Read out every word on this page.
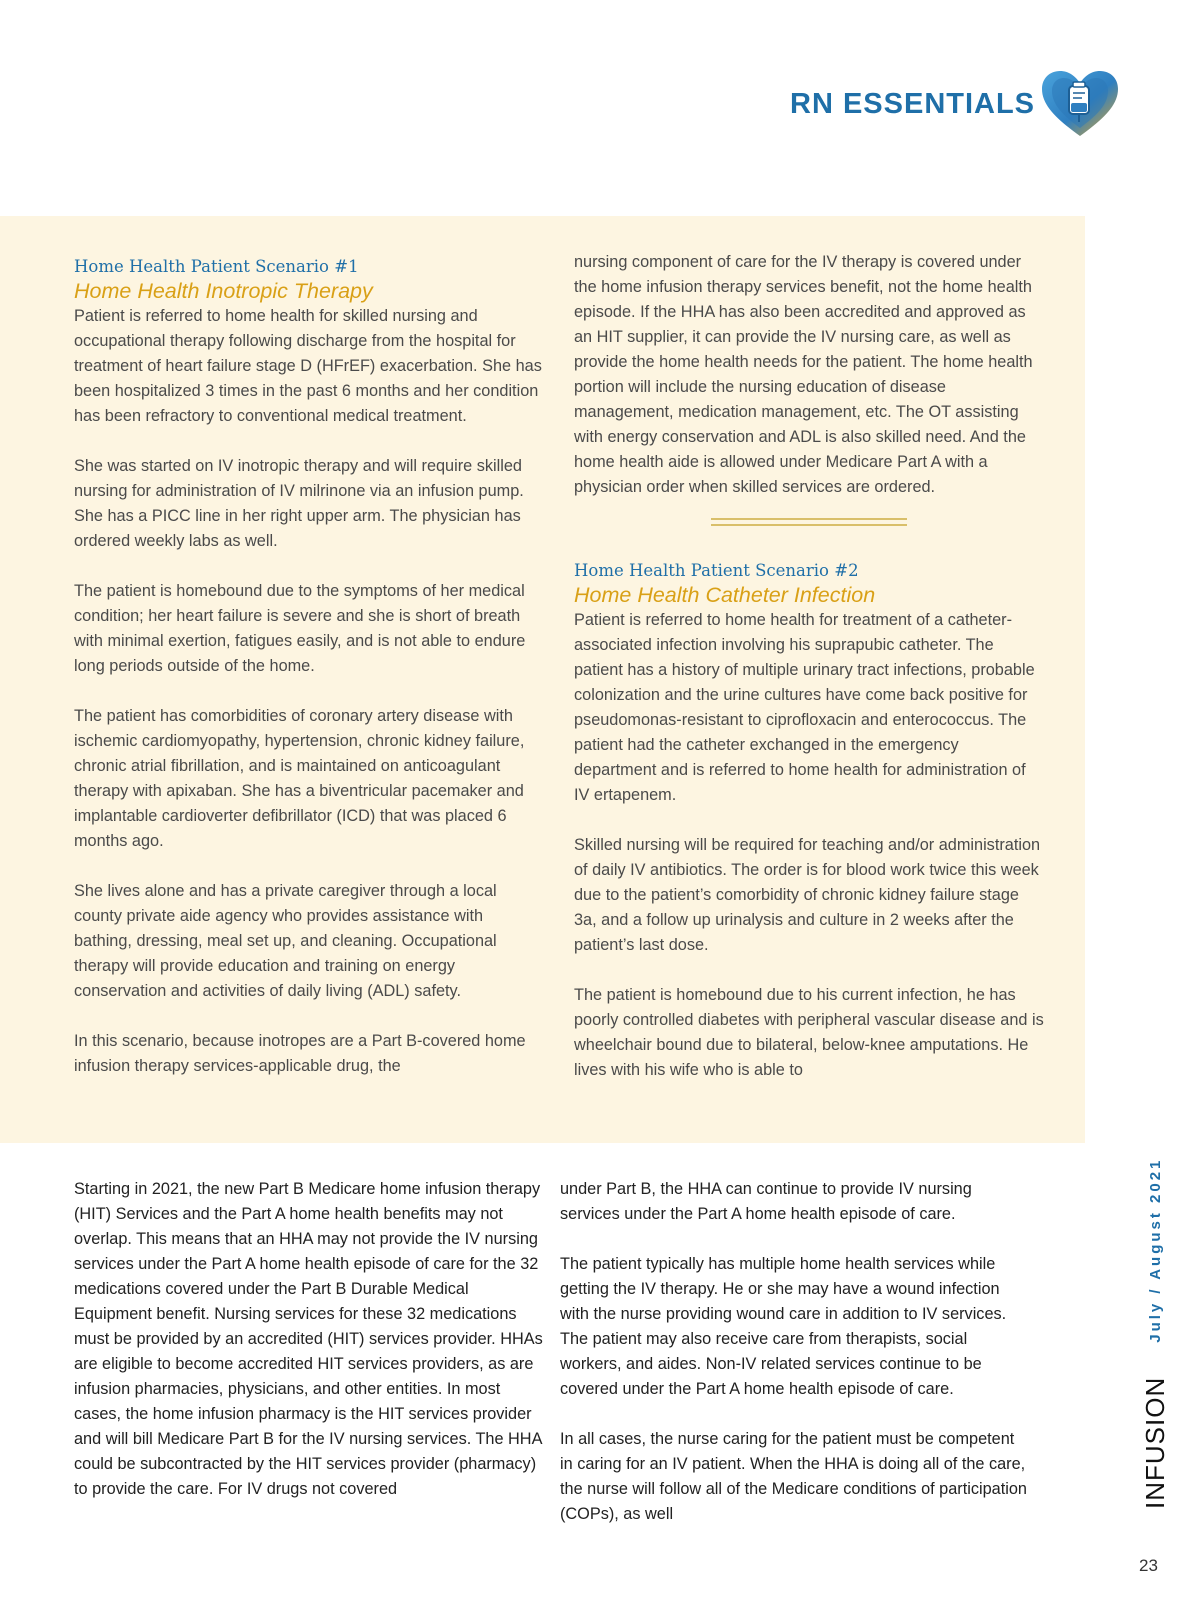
RN ESSENTIALS
Home Health Patient Scenario #1
Home Health Inotropic Therapy

Patient is referred to home health for skilled nursing and occupational therapy following discharge from the hospital for treatment of heart failure stage D (HFrEF) exacerbation. She has been hospitalized 3 times in the past 6 months and her condition has been refractory to conventional medical treatment.

She was started on IV inotropic therapy and will require skilled nursing for administration of IV milrinone via an infusion pump. She has a PICC line in her right upper arm. The physician has ordered weekly labs as well.

The patient is homebound due to the symptoms of her medical condition; her heart failure is severe and she is short of breath with minimal exertion, fatigues easily, and is not able to endure long periods outside of the home.

The patient has comorbidities of coronary artery disease with ischemic cardiomyopathy, hypertension, chronic kidney failure, chronic atrial fibrillation, and is maintained on anticoagulant therapy with apixaban. She has a biventricular pacemaker and implantable cardioverter defibrillator (ICD) that was placed 6 months ago.

She lives alone and has a private caregiver through a local county private aide agency who provides assistance with bathing, dressing, meal set up, and cleaning. Occupational therapy will provide education and training on energy conservation and activities of daily living (ADL) safety.

In this scenario, because inotropes are a Part B-covered home infusion therapy services-applicable drug, the

nursing component of care for the IV therapy is covered under the home infusion therapy services benefit, not the home health episode. If the HHA has also been accredited and approved as an HIT supplier, it can provide the IV nursing care, as well as provide the home health needs for the patient. The home health portion will include the nursing education of disease management, medication management, etc. The OT assisting with energy conservation and ADL is also skilled need. And the home health aide is allowed under Medicare Part A with a physician order when skilled services are ordered.

Home Health Patient Scenario #2
Home Health Catheter Infection

Patient is referred to home health for treatment of a catheter-associated infection involving his suprapubic catheter. The patient has a history of multiple urinary tract infections, probable colonization and the urine cultures have come back positive for pseudomonas-resistant to ciprofloxacin and enterococcus. The patient had the catheter exchanged in the emergency department and is referred to home health for administration of IV ertapenem.

Skilled nursing will be required for teaching and/or administration of daily IV antibiotics. The order is for blood work twice this week due to the patient’s comorbidity of chronic kidney failure stage 3a, and a follow up urinalysis and culture in 2 weeks after the patient’s last dose.

The patient is homebound due to his current infection, he has poorly controlled diabetes with peripheral vascular disease and is wheelchair bound due to bilateral, below-knee amputations. He lives with his wife who is able to

Starting in 2021, the new Part B Medicare home infusion therapy (HIT) Services and the Part A home health benefits may not overlap. This means that an HHA may not provide the IV nursing services under the Part A home health episode of care for the 32 medications covered under the Part B Durable Medical Equipment benefit. Nursing services for these 32 medications must be provided by an accredited (HIT) services provider. HHAs are eligible to become accredited HIT services providers, as are infusion pharmacies, physicians, and other entities. In most cases, the home infusion pharmacy is the HIT services provider and will bill Medicare Part B for the IV nursing services. The HHA could be subcontracted by the HIT services provider (pharmacy) to provide the care. For IV drugs not covered

under Part B, the HHA can continue to provide IV nursing services under the Part A home health episode of care.

The patient typically has multiple home health services while getting the IV therapy. He or she may have a wound infection with the nurse providing wound care in addition to IV services. The patient may also receive care from therapists, social workers, and aides. Non-IV related services continue to be covered under the Part A home health episode of care.

In all cases, the nurse caring for the patient must be competent in caring for an IV patient. When the HHA is doing all of the care, the nurse will follow all of the Medicare conditions of participation (COPs), as well

INFUSION
July / August 2021
23
